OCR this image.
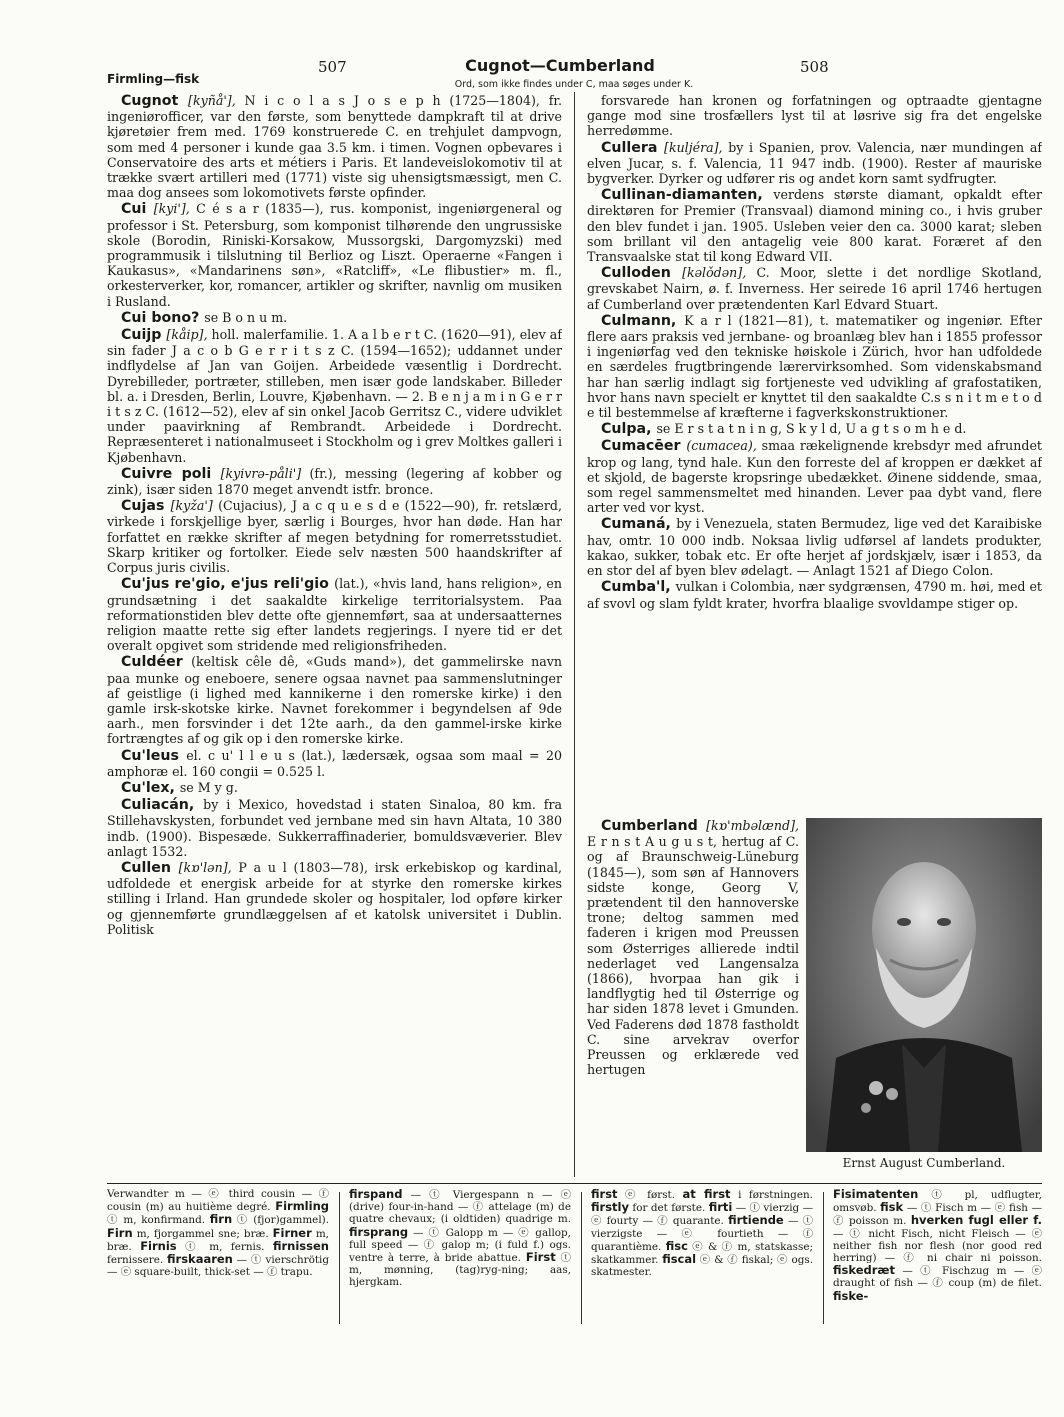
507	Cugnot—Cumberland	508
Firmling—fisk	Ord, som ikke findes under C, maa søges under K.

Cugnot [kyñå'], N i c o l a s J o s e p h (1725—1804), fr. ingeniørofficer, var den første, som benyttede dampkraft til at drive kjøretøier frem med. 1769 konstruerede C. en trehjulet dampvogn, som med 4 personer i kunde gaa 3.5 km. i timen. Vognen opbevares i Conservatoire des arts et métiers i Paris. Et landeveislokomotiv til at trække svært artilleri med (1771) viste sig uhensigtsmæssigt, men C. maa dog ansees som lokomotivets første opfinder.

Cui [kyi'], C é s a r (1835—), rus. komponist, ingeniørgeneral og professor i St. Petersburg, som komponist tilhørende den ungrussiske skole (Borodin, Riniski-Korsakow, Mussorgski, Dargomyzski) med programmusik i tilslutning til Berlioz og Liszt. Operaerne «Fangen i Kaukasus», «Mandarinens søn», «Ratcliff», «Le flibustier» m. fl., orkesterverker, kor, romancer, artikler og skrifter, navnlig om musiken i Rusland.

Cui bono? se B o n u m.

Cuijp [kåip], holl. malerfamilie. 1. A a l b e r t C. (1620—91), elev af sin fader J a c o b G e r r i t s z C. (1594—1652); uddannet under indflydelse af Jan van Goijen. Arbeidede væsentlig i Dordrecht. Dyrebilleder, portræter, stilleben, men især gode landskaber. Billeder bl. a. i Dresden, Berlin, Louvre, Kjøbenhavn. — 2. B e n j a m i n G e r r i t s z C. (1612—52), elev af sin onkel Jacob Gerritsz C., videre udviklet under paavirkning af Rembrandt. Arbeidede i Dordrecht. Repræsenteret i nationalmuseet i Stockholm og i grev Moltkes galleri i Kjøbenhavn.

Cuivre poli [kyivrə-påli'] (fr.), messing (legering af kobber og zink), især siden 1870 meget anvendt istfr. bronce.

Cujas [kyža'] (Cujacius), J a c q u e s d e (1522—90), fr. retslærd, virkede i forskjellige byer, særlig i Bourges, hvor han døde. Han har forfattet en række skrifter af megen betydning for romerretsstudiet. Skarp kritiker og fortolker. Eiede selv næsten 500 haandskrifter af Corpus juris civilis.

Cu'jus re'gio, e'jus reli'gio (lat.), «hvis land, hans religion», en grundsætning i det saakaldte kirkelige territorialsystem. Paa reformationstiden blev dette ofte gjennemført, saa at undersaatternes religion maatte rette sig efter landets regjerings. I nyere tid er det overalt opgivet som stridende med religionsfriheden.

Culdéer (keltisk cêle dê, «Guds mand»), det gammelirske navn paa munke og eneboere, senere ogsaa navnet paa sammenslutninger af geistlige (i lighed med kannikerne i den romerske kirke) i den gamle irsk-skotske kirke. Navnet forekommer i begyndelsen af 9de aarh., men forsvinder i det 12te aarh., da den gammel-irske kirke fortrængtes af og gik op i den romerske kirke.

Cu'leus el. c u' l l e u s (lat.), lædersæk, ogsaa som maal = 20 amphoræ el. 160 congii = 0.525 l.

Cu'lex, se M y g.

Culiacán, by i Mexico, hovedstad i staten Sinaloa, 80 km. fra Stillehavskysten, forbundet ved jernbane med sin havn Altata, 10 380 indb. (1900). Bispesæde. Sukkerraffinaderier, bomuldsvæverier. Blev anlagt 1532.

Cullen [kɒ'lən], P a u l (1803—78), irsk erkebiskop og kardinal, udfoldede et energisk arbeide for at styrke den romerske kirkes stilling i Irland. Han grundede skoler og hospitaler, lod opføre kirker og gjennemførte grundlæggelsen af et katolsk universitet i Dublin. Politisk

forsvarede han kronen og forfatningen og optraadte gjentagne gange mod sine trosfællers lyst til at løsrive sig fra det engelske herredømme.

Cullera [kuljéra], by i Spanien, prov. Valencia, nær mundingen af elven Jucar, s. f. Valencia, 11 947 indb. (1900). Rester af mauriske bygverker. Dyrker og udfører ris og andet korn samt sydfrugter.

Cullinan-diamanten, verdens største diamant, opkaldt efter direktøren for Premier (Transvaal) diamond mining co., i hvis gruber den blev fundet i jan. 1905. Usleben veier den ca. 3000 karat; sleben som brillant vil den antagelig veie 800 karat. Foræret af den Transvaalske stat til kong Edward VII.

Culloden [kəlǒdən], C. Moor, slette i det nordlige Skotland, grevskabet Nairn, ø. f. Inverness. Her seirede 16 april 1746 hertugen af Cumberland over prætendenten Karl Edvard Stuart.

Culmann, K a r l (1821—81), t. matematiker og ingeniør. Efter flere aars praksis ved jernbane- og broanlæg blev han i 1855 professor i ingeniørfag ved den tekniske høiskole i Zürich, hvor han udfoldede en særdeles frugtbringende lærervirksomhed. Som videnskabsmand har han særlig indlagt sig fortjeneste ved udvikling af grafostatiken, hvor hans navn specielt er knyttet til den saakaldte C.s s n i t m e t o d e til bestemmelse af kræfterne i fagverkskonstruktioner.

Culpa, se E r s t a t n i n g, S k y l d, U a g t s o m h e d.

Cumacēer (cumacea), smaa rækelignende krebsdyr med afrundet krop og lang, tynd hale. Kun den forreste del af kroppen er dækket af et skjold, de bagerste kropsringe ubedækket. Øinene siddende, smaa, som regel sammensmeltet med hinanden. Lever paa dybt vand, flere arter ved vor kyst.

Cumaná, by i Venezuela, staten Bermudez, lige ved det Karaibiske hav, omtr. 10 000 indb. Noksaa livlig udførsel af landets produkter, kakao, sukker, tobak etc. Er ofte herjet af jordskjælv, især i 1853, da en stor del af byen blev ødelagt. — Anlagt 1521 af Diego Colon.

Cumba'l, vulkan i Colombia, nær sydgrænsen, 4790 m. høi, med et af svovl og slam fyldt krater, hvorfra blaalige svovldampe stiger op.

Cumberland [kɒ'mbəlænd], E r n s t A u g u s t, hertug af C. og af Braunschweig-Lüneburg (1845—), som søn af Hannovers sidste konge, Georg V, prætendent til den hannoverske trone; deltog sammen med faderen i krigen mod Preussen som Østerriges allierede indtil nederlaget ved Langensalza (1866), hvorpaa han gik i landflygtig hed til Østerrige og har siden 1878 levet i Gmunden. Ved Faderens død 1878 fastholdt C. sine arvekrav overfor Preussen og erklærede ved hertugen

Ernst August Cumberland.
Verwandter m — ⓔ third cousin — ⓕ cousin (m) au huitième degré. Firmling ⓣ m, konfirmand. firn ⓣ (fjor)gammel). Firn m, fjorgammel sne; bræ. Firner m, bræ. Firnis ⓣ m, fernis. firnissen fernissere. firskaaren — ⓣ vierschrötig — ⓔ square-built, thick-set — ⓕ trapu.
firspand — ⓣ Viergespann n — ⓔ (drive) four-in-hand — ⓕ attelage (m) de quatre chevaux; (i oldtiden) quadrige m. firsprang — ⓣ Galopp m — ⓔ gallop, full speed — ⓕ galop m; (i fuld f.) ogs. ventre à terre, à bride abattue. First ⓣ m, mønning, (tag)ryg-ning; aas, hjergkam.
first ⓔ først. at first i førstningen. firstly for det første. firti — ⓣ vierzig — ⓔ fourty — ⓕ quarante. firtiende — ⓣ vierzigste — ⓔ fourtieth — ⓕ quarantième. fisc ⓔ & ⓕ m, statskasse; skatkammer. fiscal ⓔ & ⓕ fiskal; ⓔ ogs. skatmester.
Fisimatenten ⓣ pl, udflugter, omsvøb. fisk — ⓣ Fisch m — ⓔ fish — ⓕ poisson m. hverken fugl eller f. — ⓣ nicht Fisch, nicht Fleisch — ⓔ neither fish nor flesh (nor good red herring) — ⓕ ni chair ni poisson. fiskedræt — ⓣ Fischzug m — ⓔ draught of fish — ⓕ coup (m) de filet. fiske-
